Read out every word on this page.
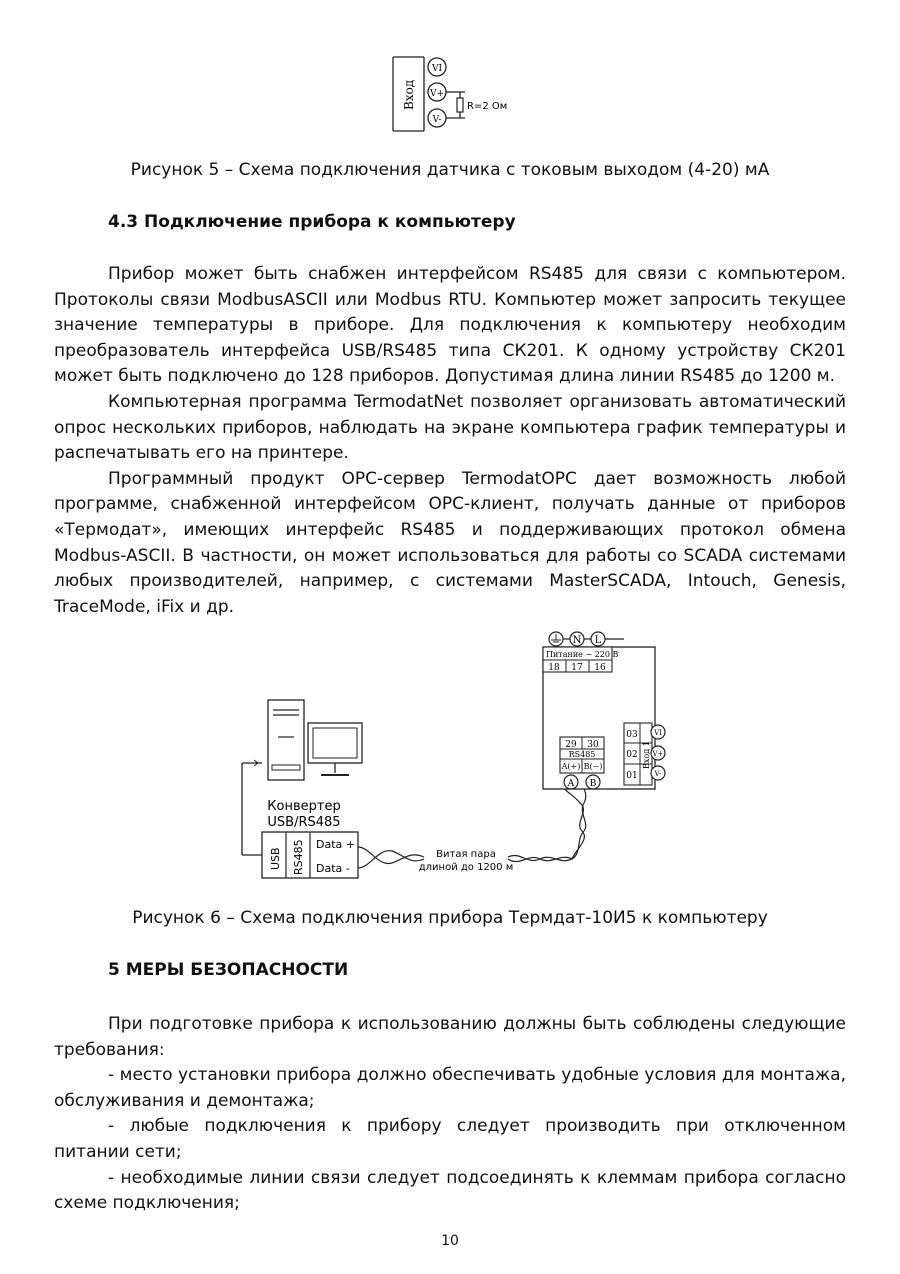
Вход
VI
V+
V-
R=2 Ом
Рисунок 5 – Схема подключения датчика с токовым выходом (4-20) мА
4.3 Подключение прибора к компьютеру

Прибор может быть снабжен интерфейсом RS485 для связи с компьютером. Протоколы связи ModbusASCII или Modbus RTU. Компьютер может запросить текущее значение температуры в приборе. Для подключения к компьютеру необходим преобразователь интерфейса USB/RS485 типа СК201. К одному устройству СК201 может быть подключено до 128 приборов. Допустимая длина линии RS485 до 1200 м.

Компьютерная программа TermodatNet позволяет организовать автоматический опрос нескольких приборов, наблюдать на экране компьютера график температуры и распечатывать его на принтере.

Программный продукт OPC-сервер TermodatOPC дает возможность любой программе, снабженной интерфейсом OPC-клиент, получать данные от приборов «Термодат», имеющих интерфейс RS485 и поддерживающих протокол обмена Modbus-ASCII. В частности, он может использоваться для работы со SCADA системами любых производителей, например, с системами MasterSCADA, Intouch, Genesis, TraceMode, iFix и др.

Конвертер
USB/RS485
USB RS485 Data +
Data -
Витая пара
длиной до 1200 м
N L
Питание ~ 220 В
18 17 16
29 30
RS485
A(+) B(−)
A B
03
02
01
Вход 1
VI
V+
V-
Рисунок 6 – Схема подключения прибора Термдат-10И5 к компьютеру
5 МЕРЫ БЕЗОПАСНОСТИ

При подготовке прибора к использованию должны быть соблюдены следующие требования:

- место установки прибора должно обеспечивать удобные условия для монтажа, обслуживания и демонтажа;

- любые подключения к прибору следует производить при отключенном питании сети;

- необходимые линии связи следует подсоединять к клеммам прибора согласно схеме подключения;

10
